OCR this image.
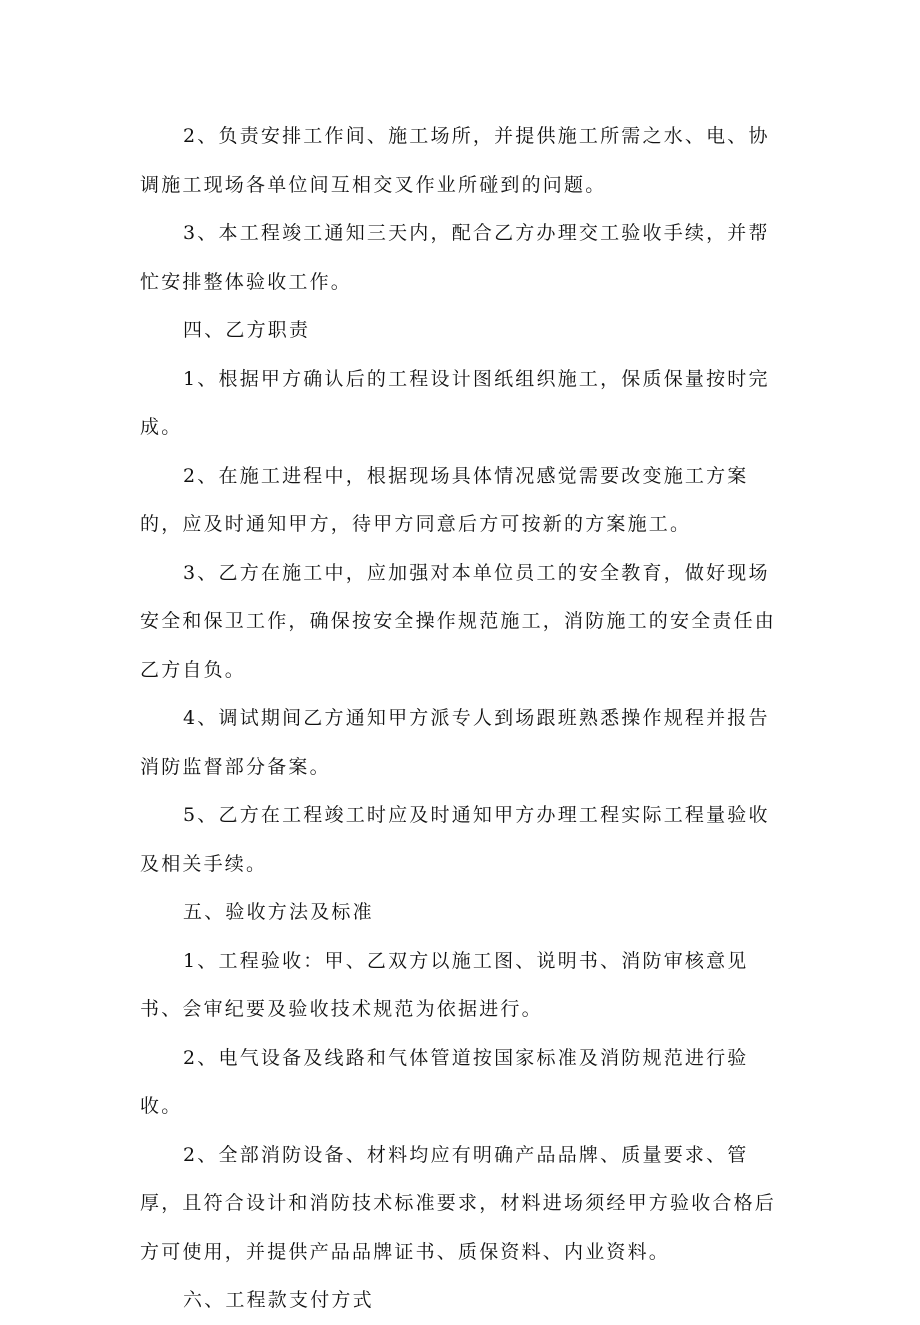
2、负责安排工作间、施工场所，并提供施工所需之水、电、协调施工现场各单位间互相交叉作业所碰到的问题。

3、本工程竣工通知三天内，配合乙方办理交工验收手续，并帮忙安排整体验收工作。

四、乙方职责

1、根据甲方确认后的工程设计图纸组织施工，保质保量按时完成。

2、在施工进程中，根据现场具体情况感觉需要改变施工方案的，应及时通知甲方，待甲方同意后方可按新的方案施工。

3、乙方在施工中，应加强对本单位员工的安全教育，做好现场安全和保卫工作，确保按安全操作规范施工，消防施工的安全责任由乙方自负。

4、调试期间乙方通知甲方派专人到场跟班熟悉操作规程并报告消防监督部分备案。

5、乙方在工程竣工时应及时通知甲方办理工程实际工程量验收及相关手续。

五、验收方法及标准

1、工程验收：甲、乙双方以施工图、说明书、消防审核意见书、会审纪要及验收技术规范为依据进行。

2、电气设备及线路和气体管道按国家标准及消防规范进行验收。

2、全部消防设备、材料均应有明确产品品牌、质量要求、管厚，且符合设计和消防技术标准要求，材料进场须经甲方验收合格后方可使用，并提供产品品牌证书、质保资料、内业资料。

六、工程款支付方式
